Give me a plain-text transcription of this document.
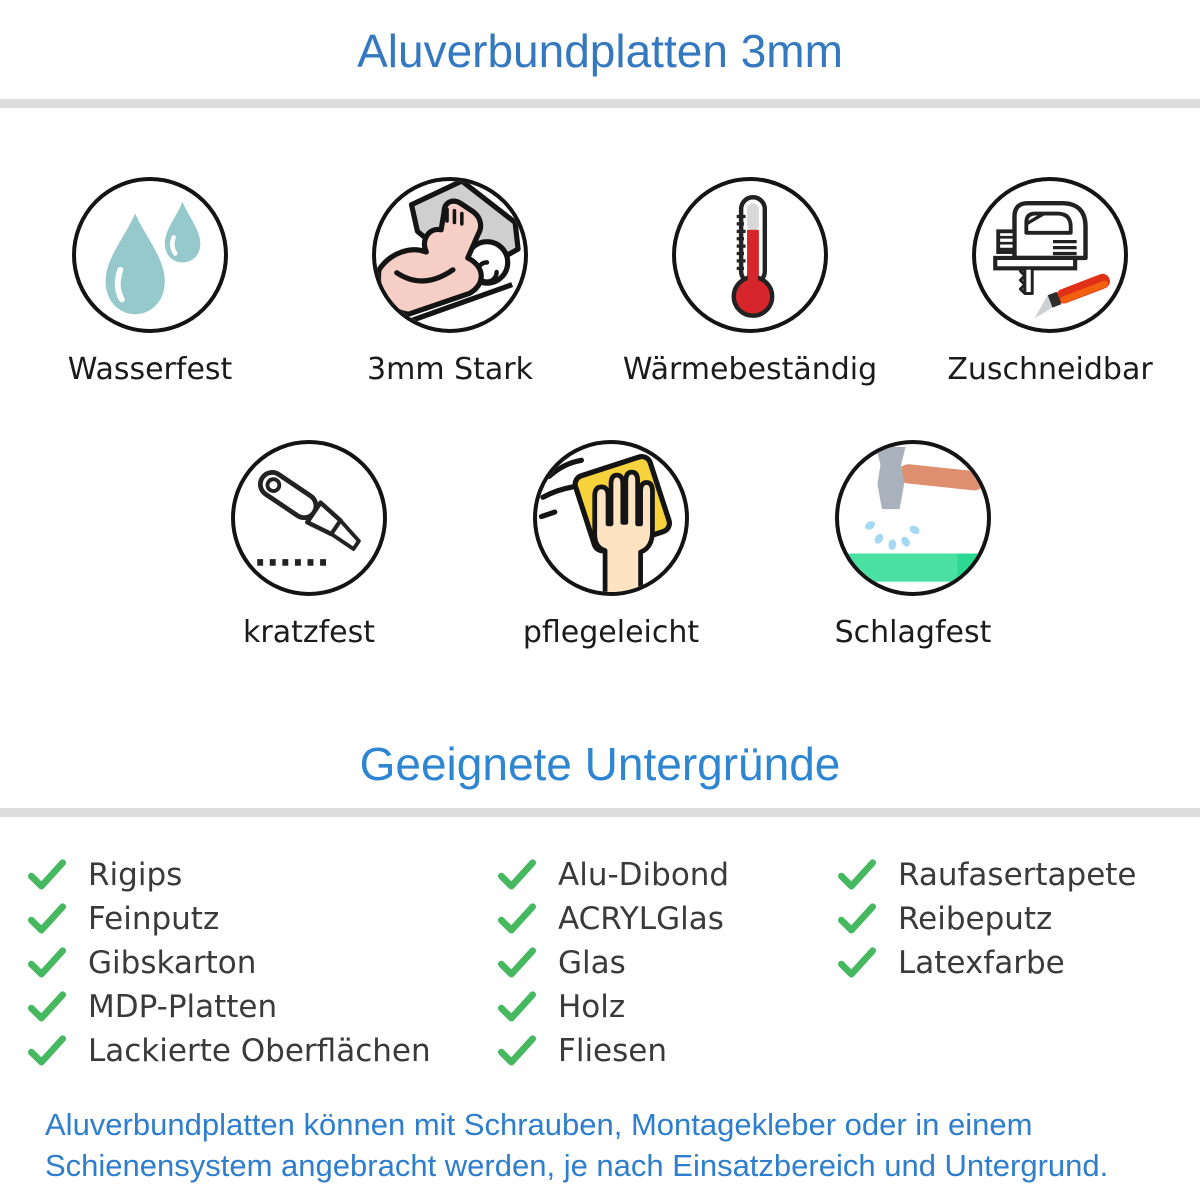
Aluverbundplatten 3mm
Wasserfest	3mm Stark	Wärmebeständig Zuschneidbar
kratzfest	pflegeleicht	Schlagfest
Geeignete Untergründe
Rigips
Feinputz
Gibskarton
MDP-Platten
Lackierte Oberflächen
Alu-Dibond
ACRYLGlas
Glas
Holz
Fliesen
Raufasertapete
Reibeputz
Latexfarbe
Aluverbundplatten können mit Schrauben, Montagekleber oder in einem
Schienensystem angebracht werden, je nach Einsatzbereich und Untergrund.
